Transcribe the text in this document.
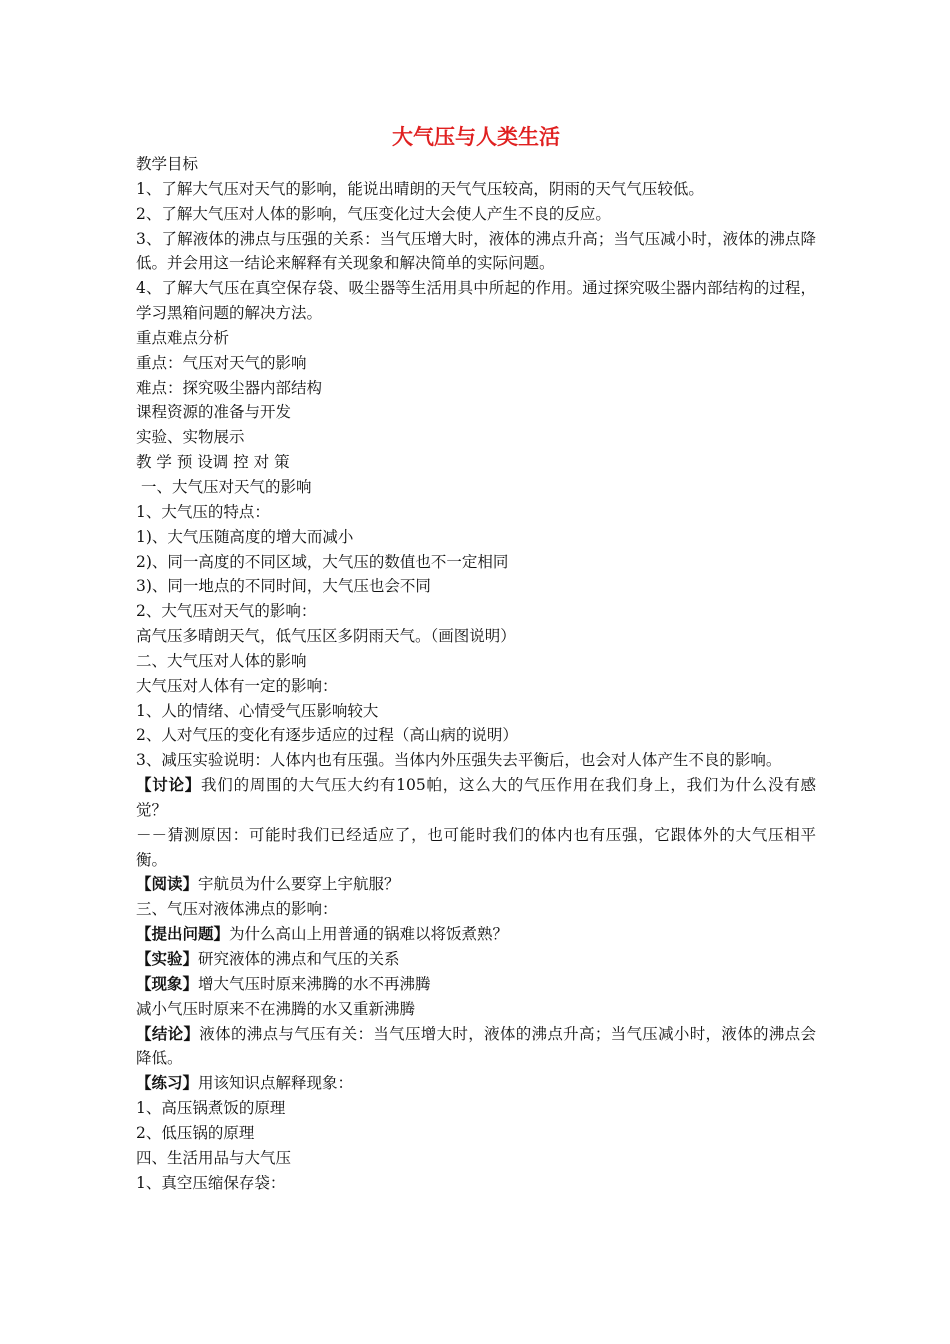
大气压与人类生活

教学目标

1、了解大气压对天气的影响，能说出晴朗的天气气压较高，阴雨的天气气压较低。

2、了解大气压对人体的影响，气压变化过大会使人产生不良的反应。

3、了解液体的沸点与压强的关系：当气压增大时，液体的沸点升高；当气压减小时，液体的沸点降低。并会用这一结论来解释有关现象和解决简单的实际问题。

4、了解大气压在真空保存袋、吸尘器等生活用具中所起的作用。通过探究吸尘器内部结构的过程，学习黑箱问题的解决方法。

重点难点分析

重点：气压对天气的影响

难点：探究吸尘器内部结构

课程资源的准备与开发

实验、实物展示

教 学 预 设调 控 对 策

一、大气压对天气的影响

1、大气压的特点：

1)、大气压随高度的增大而减小

2)、同一高度的不同区域，大气压的数值也不一定相同

3)、同一地点的不同时间，大气压也会不同

2、大气压对天气的影响：

高气压多晴朗天气，低气压区多阴雨天气。（画图说明）

二、大气压对人体的影响

大气压对人体有一定的影响：

1、人的情绪、心情受气压影响较大

2、人对气压的变化有逐步适应的过程（高山病的说明）

3、减压实验说明：人体内也有压强。当体内外压强失去平衡后，也会对人体产生不良的影响。

【讨论】我们的周围的大气压大约有105帕，这么大的气压作用在我们身上，我们为什么没有感觉？

－－猜测原因：可能时我们已经适应了，也可能时我们的体内也有压强，它跟体外的大气压相平衡。

【阅读】宇航员为什么要穿上宇航服？

三、气压对液体沸点的影响：

【提出问题】为什么高山上用普通的锅难以将饭煮熟？

【实验】研究液体的沸点和气压的关系

【现象】增大气压时原来沸腾的水不再沸腾

减小气压时原来不在沸腾的水又重新沸腾

【结论】液体的沸点与气压有关：当气压增大时，液体的沸点升高；当气压减小时，液体的沸点会降低。

【练习】用该知识点解释现象：

1、高压锅煮饭的原理

2、低压锅的原理

四、生活用品与大气压

1、真空压缩保存袋：
